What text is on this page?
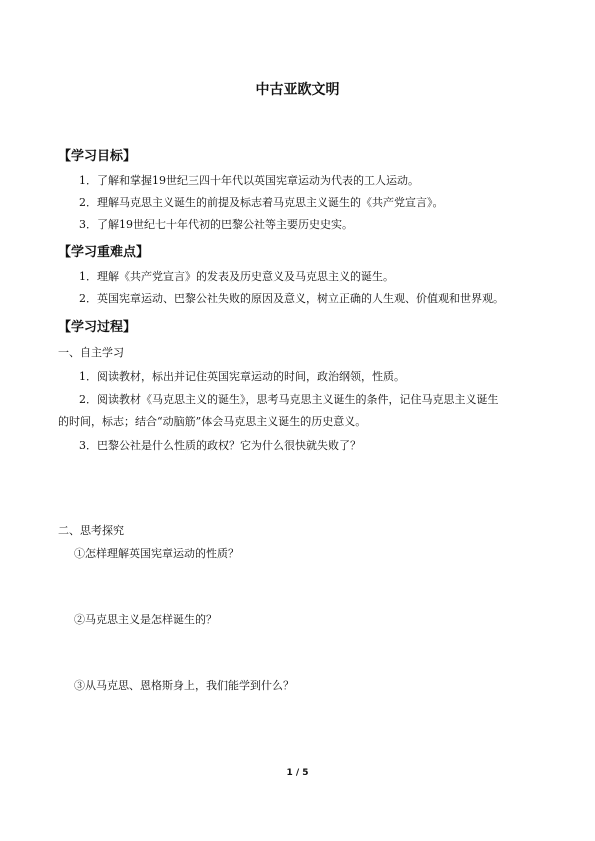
中古亚欧文明
【学习目标】
1．了解和掌握19世纪三四十年代以英国宪章运动为代表的工人运动。
2．理解马克思主义诞生的前提及标志着马克思主义诞生的《共产党宣言》。
3．了解19世纪七十年代初的巴黎公社等主要历史史实。
【学习重难点】
1．理解《共产党宣言》的发表及历史意义及马克思主义的诞生。
2．英国宪章运动、巴黎公社失败的原因及意义，树立正确的人生观、价值观和世界观。
【学习过程】
一、自主学习
1．阅读教材，标出并记住英国宪章运动的时间，政治纲领，性质。
2．阅读教材《马克思主义的诞生》，思考马克思主义诞生的条件，记住马克思主义诞生
的时间，标志；结合“动脑筋”体会马克思主义诞生的历史意义。
3．巴黎公社是什么性质的政权？它为什么很快就失败了？
二、思考探究
①怎样理解英国宪章运动的性质？
②马克思主义是怎样诞生的？
③从马克思、恩格斯身上，我们能学到什么？
1 / 5
